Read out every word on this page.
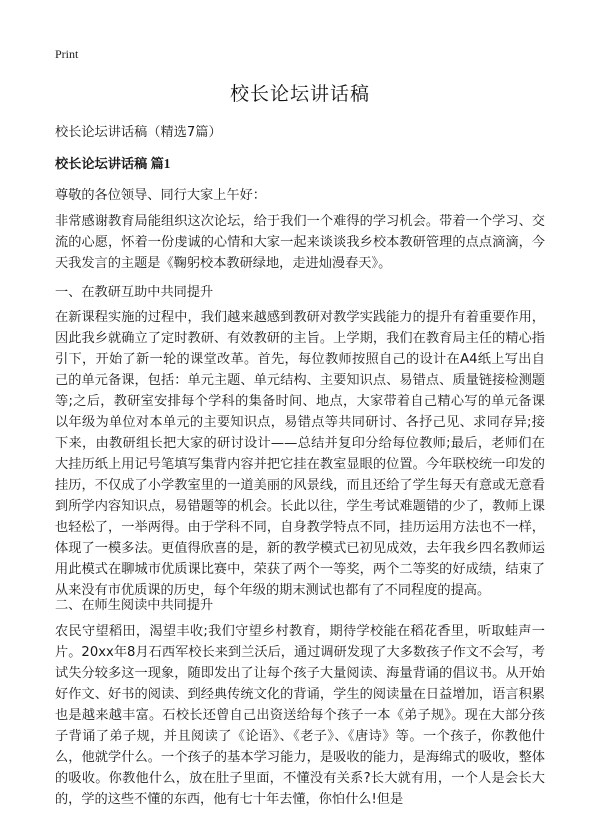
Print
校长论坛讲话稿

校长论坛讲话稿（精选7篇）

校长论坛讲话稿 篇1

尊敬的各位领导、同行大家上午好：

非常感谢教育局能组织这次论坛，给于我们一个难得的学习机会。带着一个学习、交流的心愿，怀着一份虔诚的心情和大家一起来谈谈我乡校本教研管理的点点滴滴，今天我发言的主题是《鞠躬校本教研绿地，走进灿漫春天》。

一、在教研互助中共同提升

在新课程实施的过程中，我们越来越感到教研对教学实践能力的提升有着重要作用，因此我乡就确立了定时教研、有效教研的主旨。上学期，我们在教育局主任的精心指引下，开始了新一轮的课堂改革。首先，每位教师按照自己的设计在A4纸上写出自己的单元备课，包括：单元主题、单元结构、主要知识点、易错点、质量链接检测题等;之后，教研室安排每个学科的集备时间、地点，大家带着自己精心写的单元备课以年级为单位对本单元的主要知识点，易错点等共同研讨、各抒己见、求同存异;接下来，由教研组长把大家的研讨设计——总结并复印分给每位教师;最后，老师们在大挂历纸上用记号笔填写集背内容并把它挂在教室显眼的位置。今年联校统一印发的挂历，不仅成了小学教室里的一道美丽的风景线，而且还给了学生每天有意或无意看到所学内容知识点，易错题等的机会。长此以往，学生考试难题错的少了，教师上课也轻松了，一举两得。由于学科不同，自身教学特点不同，挂历运用方法也不一样，体现了一模多法。更值得欣喜的是，新的教学模式已初见成效，去年我乡四名教师运用此模式在聊城市优质课比赛中，荣获了两个一等奖，两个二等奖的好成绩，结束了从来没有市优质课的历史，每个年级的期末测试也都有了不同程度的提高。

二、在师生阅读中共同提升

农民守望稻田，渴望丰收;我们守望乡村教育，期待学校能在稻花香里，听取蛙声一片。20xx年8月石西军校长来到兰沃后，通过调研发现了大多数孩子作文不会写，考试失分较多这一现象，随即发出了让每个孩子大量阅读、海量背诵的倡议书。从开始好作文、好书的阅读、到经典传统文化的背诵，学生的阅读量在日益增加，语言积累也是越来越丰富。石校长还曾自己出资送给每个孩子一本《弟子规》。现在大部分孩子背诵了弟子规，并且阅读了《论语》、《老子》、《唐诗》等。一个孩子，你教他什么，他就学什么。一个孩子的基本学习能力，是吸收的能力，是海绵式的吸收，整体的吸收。你教他什么，放在肚子里面，不懂没有关系?长大就有用，一个人是会长大的，学的这些不懂的东西，他有七十年去懂，你怕什么!但是
